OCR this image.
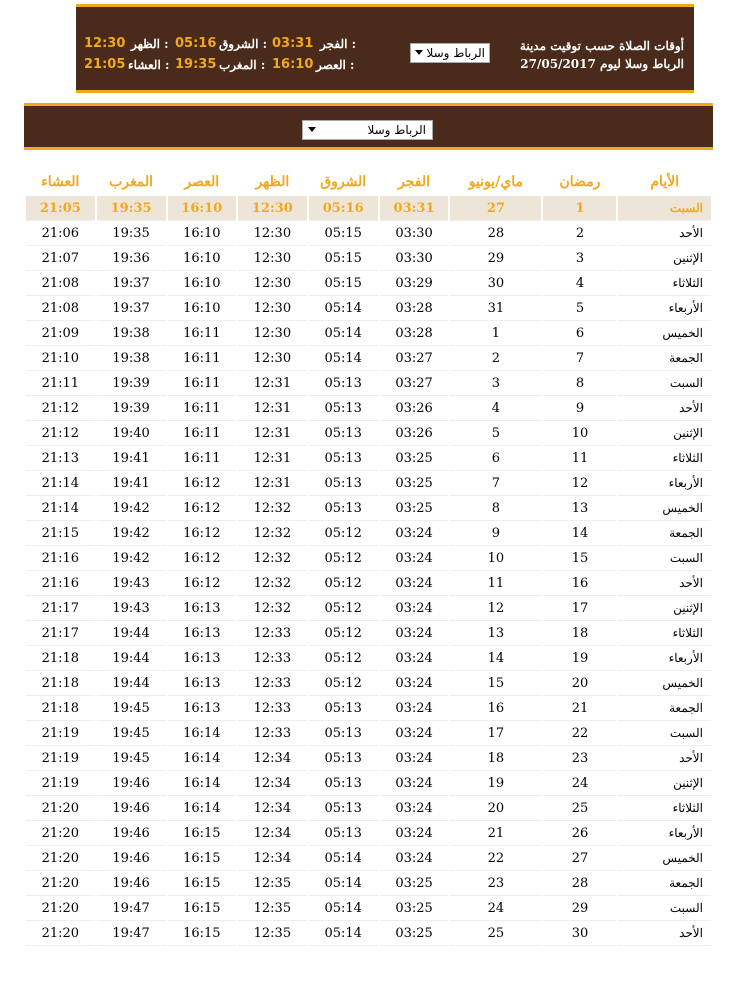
أوقات الصلاة حسب توقيت مدينة
الرباط وسلا ليوم 27/05/2017
الرباط وسلا
الفجر :
03:31
الشروق :
05:16
الظهر :
12:30
العصر :
16:10
المغرب :
19:35
العشاء :
21:05
الرباط وسلا
الأيام	رمضان	ماي/يونيو	الفجر	الشروق	الظهر	العصر	المغرب	العشاء
السبت	1	27	03:31	05:16	12:30	16:10	19:35	21:05
الأحد	2	28	03:30	05:15	12:30	16:10	19:35	21:06
الإثنين	3	29	03:30	05:15	12:30	16:10	19:36	21:07
الثلاثاء	4	30	03:29	05:15	12:30	16:10	19:37	21:08
الأربعاء	5	31	03:28	05:14	12:30	16:10	19:37	21:08
الخميس	6	1	03:28	05:14	12:30	16:11	19:38	21:09
الجمعة	7	2	03:27	05:14	12:30	16:11	19:38	21:10
السبت	8	3	03:27	05:13	12:31	16:11	19:39	21:11
الأحد	9	4	03:26	05:13	12:31	16:11	19:39	21:12
الإثنين	10	5	03:26	05:13	12:31	16:11	19:40	21:12
الثلاثاء	11	6	03:25	05:13	12:31	16:11	19:41	21:13
الأربعاء	12	7	03:25	05:13	12:31	16:12	19:41	21:14
الخميس	13	8	03:25	05:13	12:32	16:12	19:42	21:14
الجمعة	14	9	03:24	05:12	12:32	16:12	19:42	21:15
السبت	15	10	03:24	05:12	12:32	16:12	19:42	21:16
الأحد	16	11	03:24	05:12	12:32	16:12	19:43	21:16
الإثنين	17	12	03:24	05:12	12:32	16:13	19:43	21:17
الثلاثاء	18	13	03:24	05:12	12:33	16:13	19:44	21:17
الأربعاء	19	14	03:24	05:12	12:33	16:13	19:44	21:18
الخميس	20	15	03:24	05:12	12:33	16:13	19:44	21:18
الجمعة	21	16	03:24	05:13	12:33	16:13	19:45	21:18
السبت	22	17	03:24	05:13	12:33	16:14	19:45	21:19
الأحد	23	18	03:24	05:13	12:34	16:14	19:45	21:19
الإثنين	24	19	03:24	05:13	12:34	16:14	19:46	21:19
الثلاثاء	25	20	03:24	05:13	12:34	16:14	19:46	21:20
الأربعاء	26	21	03:24	05:13	12:34	16:15	19:46	21:20
الخميس	27	22	03:24	05:14	12:34	16:15	19:46	21:20
الجمعة	28	23	03:25	05:14	12:35	16:15	19:46	21:20
السبت	29	24	03:25	05:14	12:35	16:15	19:47	21:20
الأحد	30	25	03:25	05:14	12:35	16:15	19:47	21:20
